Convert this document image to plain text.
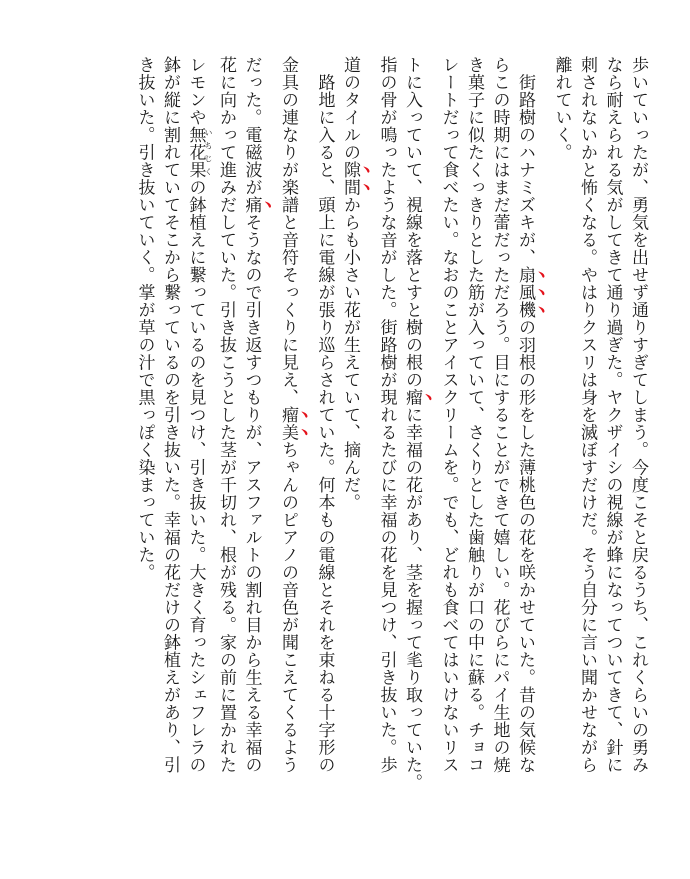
歩いていったが、勇気を出せず通りすぎてしまう。今度こそと戻るうち、これくらいの勇み

なら耐えられる気がしてきて通り過ぎた。ヤクザイシの視線が蜂になってついてきて、針に

刺されないかと怖くなる。やはりクスリは身を滅ぼすだけだ。そう自分に言い聞かせながら

離れていく。

　街路樹のハナミズキが、扇風機の羽根の形をした薄桃色の花を咲かせていた。昔の気候な

らこの時期にはまだ蕾だっただろう。目にすることができて嬉しい。花びらにパイ生地の焼

き菓子に似たくっきりとした筋が入っていて、さくりとした歯触りが口の中に蘇る。チョコ

レートだって食べたい。なおのことアイスクリームを。でも、どれも食べてはいけないリス

トに入っていて、視線を落とすと樹の根の瘤に幸福の花があり、茎を握って毟り取っていた。

指の骨が鳴ったような音がした。街路樹が現れるたびに幸福の花を見つけ、引き抜いた。歩

道のタイルの隙間からも小さい花が生えていて、摘んだ。

　路地に入ると、頭上に電線が張り巡らされていた。何本もの電線とそれを束ねる十字形の

金具の連なりが楽譜と音符そっくりに見え、瘤美ちゃんのピアノの音色が聞こえてくるよう

だった。電磁波が痛そうなので引き返すつもりが、アスファルトの割れ目から生える幸福の

花に向かって進みだしていた。引き抜こうとした茎が千切れ、根が残る。家の前に置かれた

レモンや無花果いちじくの鉢植えに繋っているのを見つけ、引き抜いた。大きく育ったシェフレラの

鉢が縦に割れていてそこから繋っているのを引き抜いた。幸福の花だけの鉢植えがあり、引

き抜いた。引き抜いていく。掌が草の汁で黒っぽく染まっていた。
